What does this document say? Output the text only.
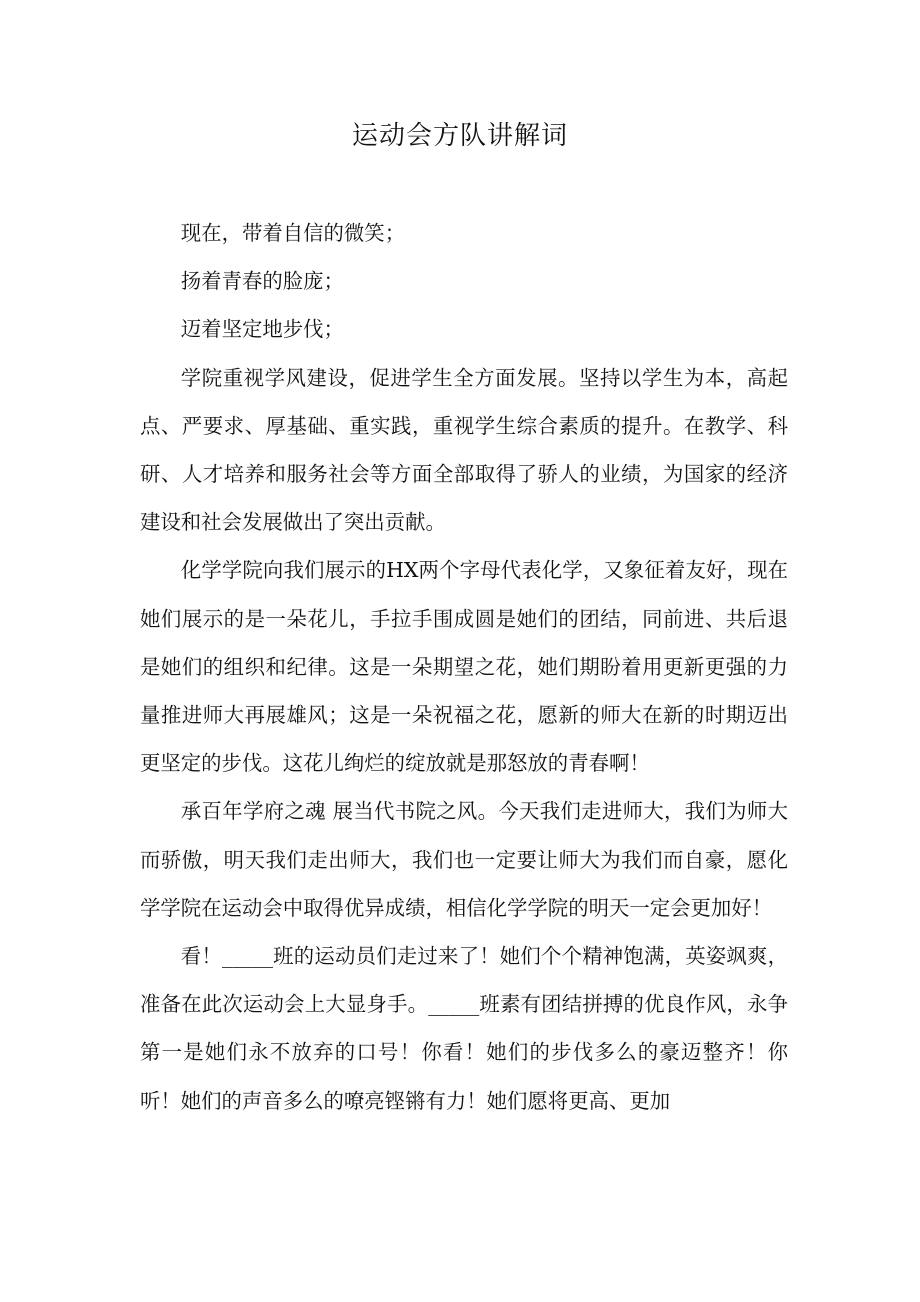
运动会方队讲解词

现在，带着自信的微笑；

扬着青春的脸庞；

迈着坚定地步伐；

学院重视学风建设，促进学生全方面发展。坚持以学生为本，高起点、严要求、厚基础、重实践，重视学生综合素质的提升。在教学、科研、人才培养和服务社会等方面全部取得了骄人的业绩，为国家的经济建设和社会发展做出了突出贡献。

化学学院向我们展示的HX两个字母代表化学，又象征着友好，现在她们展示的是一朵花儿，手拉手围成圆是她们的团结，同前进、共后退是她们的组织和纪律。这是一朵期望之花，她们期盼着用更新更强的力量推进师大再展雄风；这是一朵祝福之花，愿新的师大在新的时期迈出更坚定的步伐。这花儿绚烂的绽放就是那怒放的青春啊！

承百年学府之魂 展当代书院之风。今天我们走进师大，我们为师大而骄傲，明天我们走出师大，我们也一定要让师大为我们而自豪，愿化学学院在运动会中取得优异成绩，相信化学学院的明天一定会更加好！

看！_____班的运动员们走过来了！她们个个精神饱满，英姿飒爽，准备在此次运动会上大显身手。_____班素有团结拼搏的优良作风，永争第一是她们永不放弃的口号！你看！她们的步伐多么的豪迈整齐！你听！她们的声音多么的嘹亮铿锵有力！她们愿将更高、更加
